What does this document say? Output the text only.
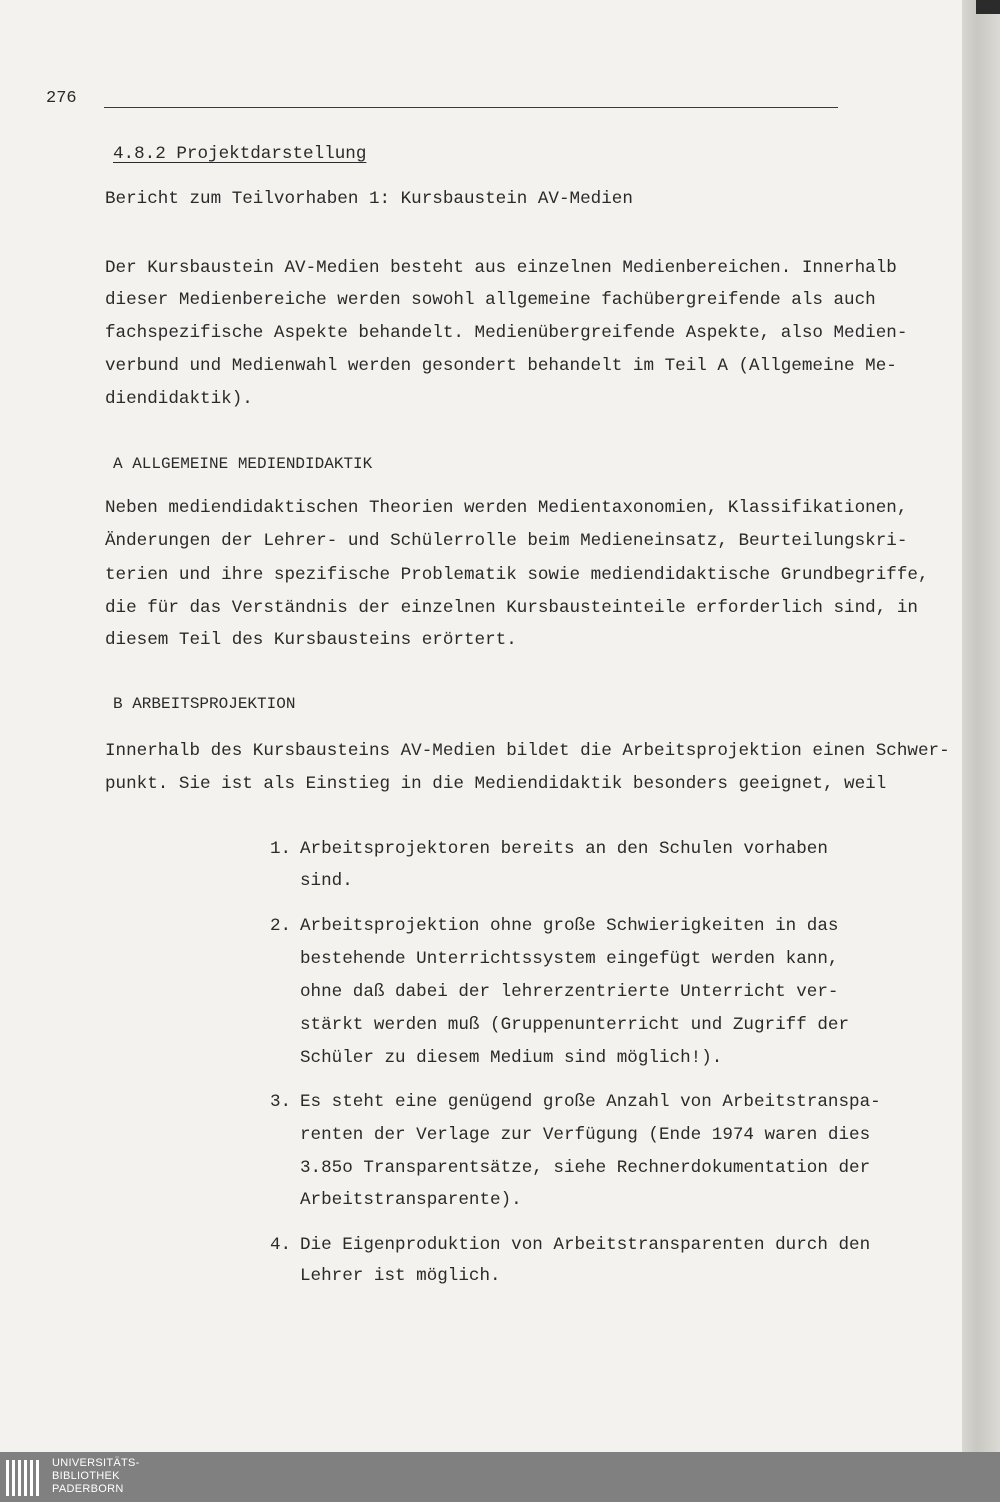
276
4.8.2 Projektdarstellung
Bericht zum Teilvorhaben 1: Kursbaustein AV-Medien
Der Kursbaustein AV-Medien besteht aus einzelnen Medienbereichen. Innerhalb
dieser Medienbereiche werden sowohl allgemeine fachübergreifende als auch
fachspezifische Aspekte behandelt. Medienübergreifende Aspekte, also Medien-
verbund und Medienwahl werden gesondert behandelt im Teil A (Allgemeine Me-
diendidaktik).
A ALLGEMEINE MEDIENDIDAKTIK
Neben mediendidaktischen Theorien werden Medientaxonomien, Klassifikationen,
Änderungen der Lehrer- und Schülerrolle beim Medieneinsatz, Beurteilungskri-
terien und ihre spezifische Problematik sowie mediendidaktische Grundbegriffe,
die für das Verständnis der einzelnen Kursbausteinteile erforderlich sind, in
diesem Teil des Kursbausteins erörtert.
B ARBEITSPROJEKTION
Innerhalb des Kursbausteins AV-Medien bildet die Arbeitsprojektion einen Schwer-
punkt. Sie ist als Einstieg in die Mediendidaktik besonders geeignet, weil
1. Arbeitsprojektoren bereits an den Schulen vorhaben
sind.
2. Arbeitsprojektion ohne große Schwierigkeiten in das
bestehende Unterrichtssystem eingefügt werden kann,
ohne daß dabei der lehrerzentrierte Unterricht ver-
stärkt werden muß (Gruppenunterricht und Zugriff der
Schüler zu diesem Medium sind möglich!).
3. Es steht eine genügend große Anzahl von Arbeitstranspa-
renten der Verlage zur Verfügung (Ende 1974 waren dies
3.85o Transparentsätze, siehe Rechnerdokumentation der
Arbeitstransparente).
4. Die Eigenproduktion von Arbeitstransparenten durch den
Lehrer ist möglich.
UNIVERSITÄTS-
BIBLIOTHEK
PADERBORN
